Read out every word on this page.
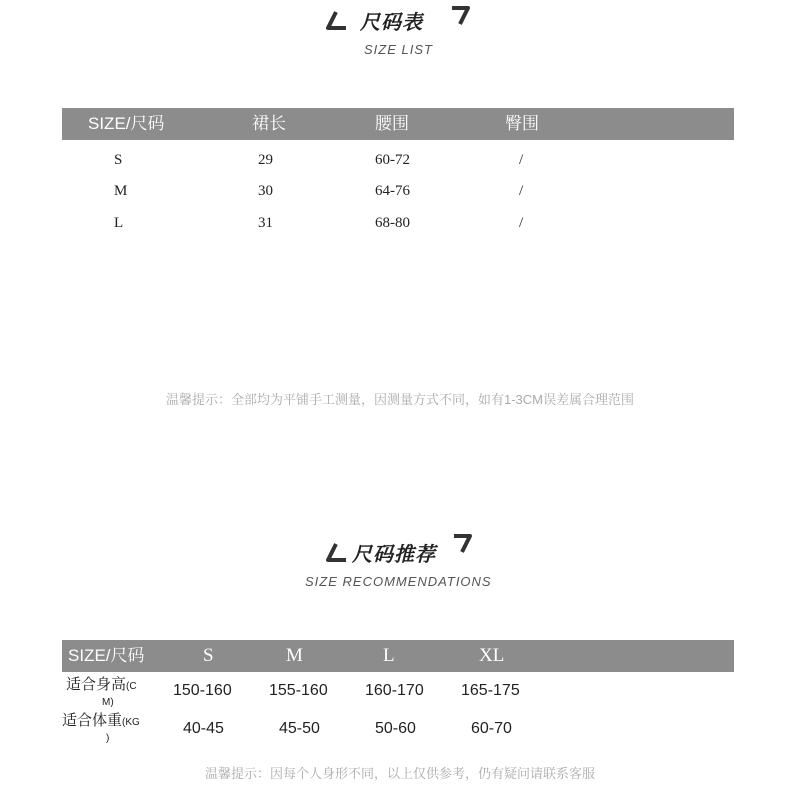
尺码表
SIZE LIST
SIZE/尺码	裙长	腰围	臀围
S	29	60-72	/
M	30	64-76	/
L	31	68-80	/
温馨提示：全部均为平铺手工测量，因测量方式不同，如有1-3CM误差属合理范围
尺码推荐
SIZE RECOMMENDATIONS
SIZE/尺码	S	M	L	XL
适合身高(C
M)
150-160 155-160 160-170 165-175
适合体重(KG
)
40-45	45-50	50-60	60-70
温馨提示：因每个人身形不同，以上仅供参考，仍有疑问请联系客服
